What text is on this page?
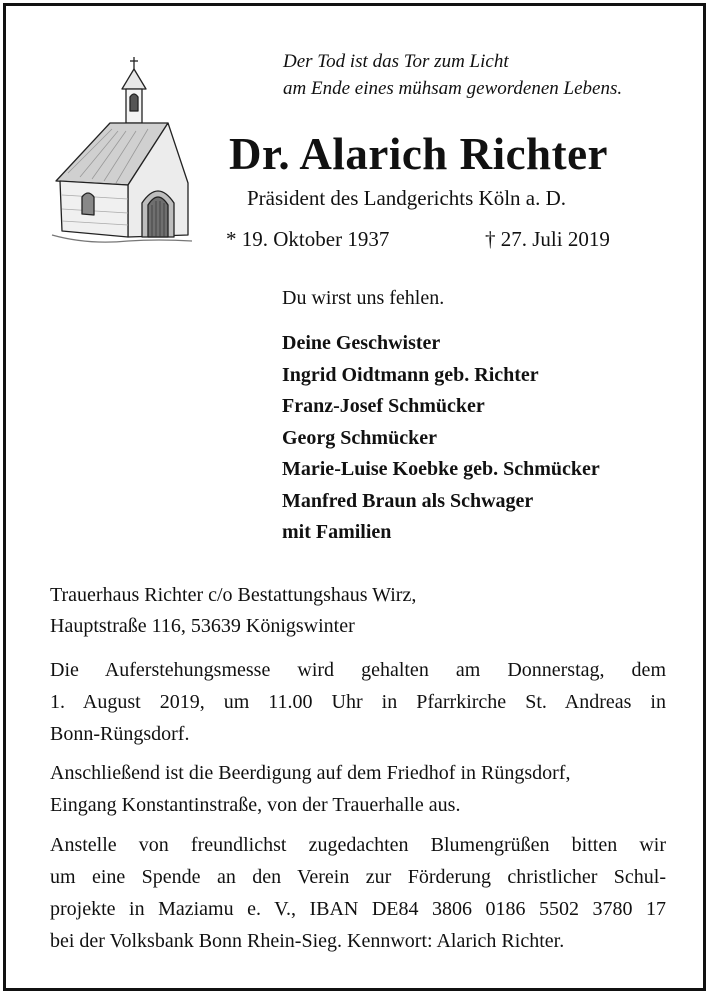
Der Tod ist das Tor zum Licht
am Ende eines mühsam gewordenen Lebens.
Dr. Alarich Richter
Präsident des Landgerichts Köln a. D.
* 19. Oktober 1937	† 27. Juli 2019
Du wirst uns fehlen.
Deine Geschwister
Ingrid Oidtmann geb. Richter
Franz-Josef Schmücker
Georg Schmücker
Marie-Luise Koebke geb. Schmücker
Manfred Braun als Schwager
mit Familien
Trauerhaus Richter c/o Bestattungshaus Wirz,
Hauptstraße 116, 53639 Königswinter
Die Auferstehungsmesse wird gehalten am Donnerstag, dem
1. August 2019, um 11.00 Uhr in Pfarrkirche St. Andreas in
Bonn-Rüngsdorf.
Anschließend ist die Beerdigung auf dem Friedhof in Rüngsdorf,
Eingang Konstantinstraße, von der Trauerhalle aus.
Anstelle von freundlichst zugedachten Blumengrüßen bitten wir
um eine Spende an den Verein zur Förderung christlicher Schul-
projekte in Maziamu e. V., IBAN DE84 3806 0186 5502 3780 17
bei der Volksbank Bonn Rhein-Sieg. Kennwort: Alarich Richter.
